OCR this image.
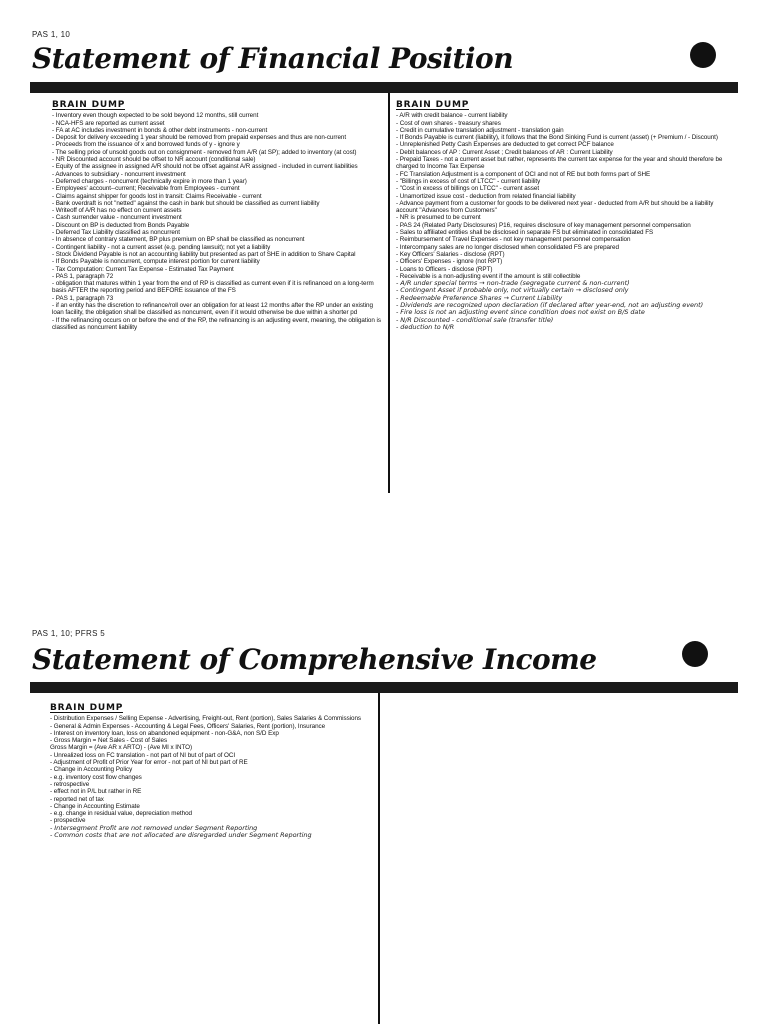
PAS 1, 10
Statement of Financial Position
BRAIN DUMP
- Inventory even though expected to be sold beyond 12 months, still current
- NCA-HFS are reported as current asset
- FA at AC includes investment in bonds & other debt instruments - non-current
- Deposit for delivery exceeding 1 year should be removed from prepaid expenses and thus are non-current
- Proceeds from the issuance of x and borrowed funds of y - ignore y
- The selling price of unsold goods out on consignment - removed from A/R (at SP); added to inventory (at cost)
- NR Discounted account should be offset to NR account (conditional sale)
- Equity of the assignee in assigned A/R should not be offset against A/R assigned - included in current liabilities
- Advances to subsidiary - noncurrent investment
- Deferred charges - noncurrent (technically expire in more than 1 year)
- Employees' account--current; Receivable from Employees - current
- Claims against shipper for goods lost in transit: Claims Receivable - current
- Bank overdraft is not "netted" against the cash in bank but should be classified as current liability
- Writeoff of A/R has no effect on current assets
- Cash surrender value - noncurrent investment
- Discount on BP is deducted from Bonds Payable
- Deferred Tax Liability classified as noncurrent
- In absence of contrary statement, BP plus premium on BP shall be classified as noncurrent
- Contingent liability - not a current asset (e.g. pending lawsuit); not yet a liability
- Stock Dividend Payable is not an accounting liability but presented as part of SHE in addition to Share Capital
- If Bonds Payable is noncurrent, compute interest portion for current liability
- Tax Computation: Current Tax Expense - Estimated Tax Payment
- PAS 1, paragraph 72
- obligation that matures within 1 year from the end of RP is classified as current even if it is refinanced on a long-term basis AFTER the reporting period and BEFORE issuance of the FS
- PAS 1, paragraph 73
- if an entity has the discretion to refinance/roll over an obligation for at least 12 months after the RP under an existing loan facility, the obligation shall be classified as noncurrent, even if it would otherwise be due within a shorter pd
- If the refinancing occurs on or before the end of the RP, the refinancing is an adjusting event, meaning, the obligation is classified as noncurrent liability
BRAIN DUMP
- A/R with credit balance - current liability
- Cost of own shares - treasury shares
- Credit in cumulative translation adjustment - translation gain
- If Bonds Payable is current (liability), it follows that the Bond Sinking Fund is current (asset) (+ Premium / - Discount)
- Unreplenished Petty Cash Expenses are deducted to get correct PCF balance
- Debit balances of AP : Current Asset ; Credit balances of AR : Current Liability
- Prepaid Taxes - not a current asset but rather, represents the current tax expense for the year and should therefore be charged to Income Tax Expense
- FC Translation Adjustment is a component of OCI and not of RE but both forms part of SHE
- "Billings in excess of cost of LTCC" - current liability
- "Cost in excess of billings on LTCC" - current asset
- Unamortized issue cost - deduction from related financial liability
- Advance payment from a customer for goods to be delivered next year - deducted from A/R but should be a liability account "Advances from Customers"
- NR is presumed to be current
- PAS 24 (Related Party Disclosures) P16, requires disclosure of key management personnel compensation
- Sales to affiliated entities shall be disclosed in separate FS but eliminated in consolidated FS
- Reimbursement of Travel Expenses - not key management personnel compensation
- Intercompany sales are no longer disclosed when consolidated FS are prepared
- Key Officers' Salaries - disclose (RPT)
- Officers' Expenses - ignore (not RPT)
- Loans to Officers - disclose (RPT)
- Receivable is a non-adjusting event if the amount is still collectible
- A/R under special terms → non-trade (segregate current & non-current)
- Contingent Asset if probable only, not virtually certain → disclosed only
- Redeemable Preference Shares → Current Liability
- Dividends are recognized upon declaration (if declared after year-end, not an adjusting event)
- Fire loss is not an adjusting event since condition does not exist on B/S date
- N/R Discounted - conditional sale (transfer title)
- deduction to N/R
PAS 1, 10; PFRS 5
Statement of Comprehensive Income
BRAIN DUMP
- Distribution Expenses / Selling Expense - Advertising, Freight-out, Rent (portion), Sales Salaries & Commissions
- General & Admin Expenses - Accounting & Legal Fees, Officers' Salaries, Rent (portion), Insurance
- Interest on inventory loan, loss on abandoned equipment - non-G&A, non S/D Exp
- Gross Margin = Net Sales - Cost of Sales
Gross Margin = (Ave AR x ARTO) - (Ave MI x INTO)
- Unrealized loss on FC translation - not part of NI but of part of OCI
- Adjustment of Profit of Prior Year for error - not part of NI but part of RE
- Change in Accounting Policy
- e.g. inventory cost flow changes
- retrospective
- effect not in P/L but rather in RE
- reported net of tax
- Change in Accounting Estimate
- e.g. change in residual value, depreciation method
- prospective
- Intersegment Profit are not removed under Segment Reporting
- Common costs that are not allocated are disregarded under Segment Reporting
